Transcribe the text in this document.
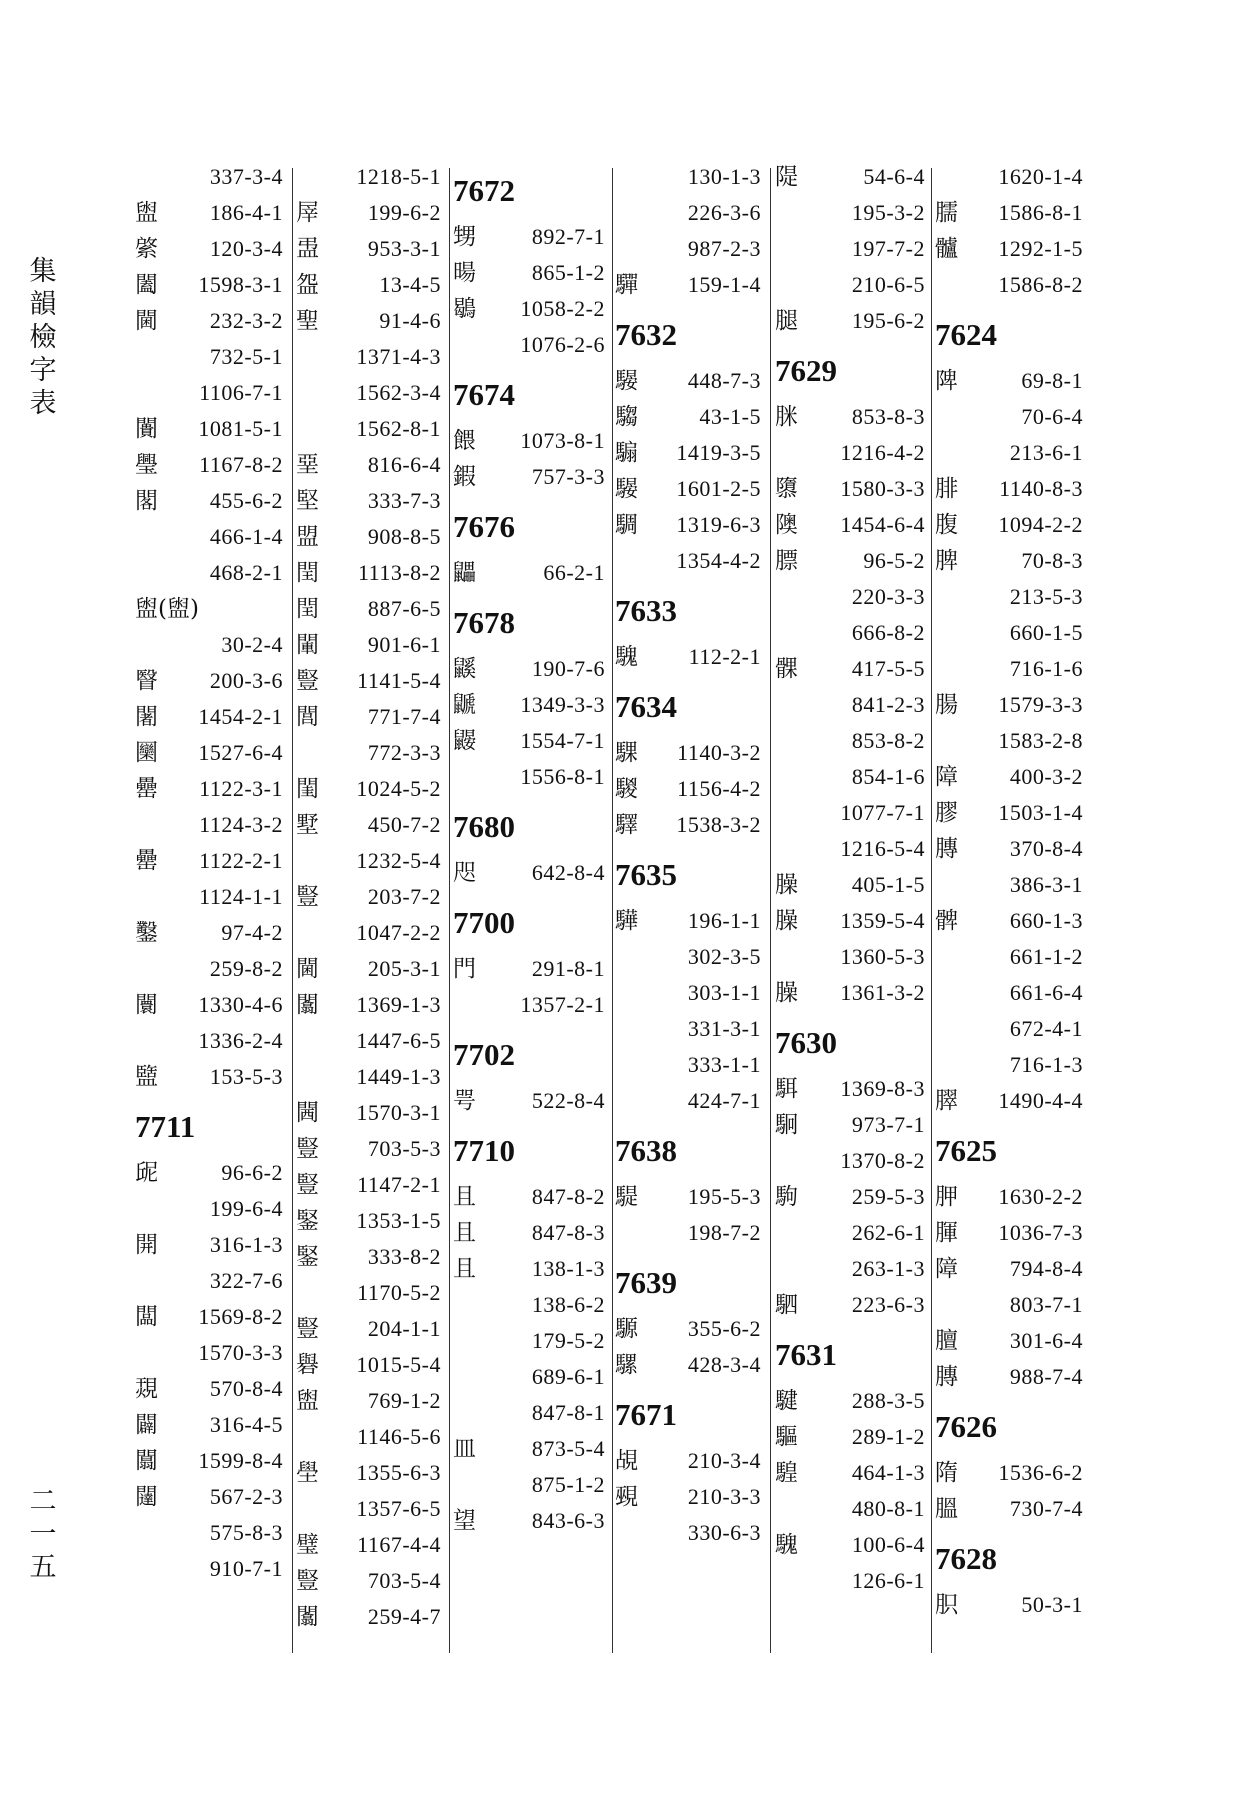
集
韻
檢
字
表
二
一
五
337-3-4
盥 186-4-1
綮 120-3-4
闔 1598-3-1
閫 232-3-2
732-5-1
1106-7-1
闠 1081-5-1
璺 1167-8-2
閣 455-6-2
466-1-4
468-2-1
盥(盥)
30-2-4
瞖 200-3-6
闍 1454-2-1
圞 1527-6-4
罍 1122-3-1
1124-3-2
罍 1122-2-1
1124-1-1
鑿	97-4-2
259-8-2
闤 1330-4-6
1336-2-4
盬 153-5-3
7711
屔	96-6-2
199-6-4
開 316-1-3
322-7-6
闆 1569-8-2
1570-3-3
覝 570-8-4
闢 316-4-5
闒 1599-8-4
闥 567-2-3
575-8-3
910-7-1
1218-5-1
屖 199-6-2
盄 953-3-1
盌	13-4-5
聖	91-4-6
1371-4-3
1562-3-4
1562-8-1
堊 816-6-4
堅 333-7-3
盟 908-8-5
閏 1113-8-2
閏 887-6-5
閳 901-6-1
豎 1141-5-4
閭 771-7-4
772-3-3
閨 1024-5-2
墅 450-7-2
1232-5-4
豎 203-7-2
1047-2-2
閫 205-3-1
闟 1369-1-3
1447-6-5
1449-1-3
閪 1570-3-1
豎 703-5-3
豎 1147-2-1
鋻 1353-1-5
鋻 333-8-2
1170-5-2
豎 204-1-1
礜 1015-5-4
盥 769-1-2
1146-5-6
壆 1355-6-3
1357-6-5
璧 1167-4-4
豎 703-5-4
闟 259-4-7
7672
甥	892-7-1
暘	865-1-2
鶡 1058-2-2
1076-2-6
7674
餵 1073-8-1
鍜	757-3-3
7676
鼺	66-2-1
7678
鼷	190-7-6
鼶 1349-3-3
鼹 1554-7-1
1556-8-1
7680
咫	642-8-4
7700
門	291-8-1
1357-2-1
7702
咢	522-8-4
7710
且	847-8-2
且	847-8-3
且	138-1-3
138-6-2
179-5-2
689-6-1
847-8-1
皿	873-5-4
875-1-2
望	843-6-3
130-1-3
226-3-6
987-2-3
驒 159-1-4
7632
騴 448-7-3
騶	43-1-5
騸 1419-3-5
騴 1601-2-5
騆 1319-6-3
1354-4-2
7633
騩 112-2-1
7634
騍 1140-3-2
騣 1156-4-2
驛 1538-3-2
7635
驊 196-1-1
302-3-5
303-1-1
331-3-1
333-1-1
424-7-1
7638
騠 195-5-3
198-7-2
7639
騵 355-6-2
騾 428-3-4
7671
覘 210-3-4
覡 210-3-3
330-6-3
隄	54-6-4
195-3-2
197-7-2
210-6-5
腿 195-6-2
7629
脒 853-8-3
1216-4-2
隳 1580-3-3
隩 1454-6-4
膘	96-5-2
220-3-3
666-8-2
髁 417-5-5
841-2-3
853-8-2
854-1-6
1077-7-1
1216-5-4
臊 405-1-5
臊 1359-5-4
1360-5-3
臊 1361-3-2
7630
駬 1369-8-3
駉 973-7-1
1370-8-2
駒 259-5-3
262-6-1
263-1-3
駟 223-6-3
7631
騝 288-3-5
驅 289-1-2
騜 464-1-3
480-8-1
騩 100-6-4
126-6-1
1620-1-4
臑 1586-8-1
髗 1292-1-5
1586-8-2
7624
陴	69-8-1
70-6-4
213-6-1
腓 1140-8-3
腹 1094-2-2
脾	70-8-3
213-5-3
660-1-5
716-1-6
腸 1579-3-3
1583-2-8
障 400-3-2
膠 1503-1-4
膞 370-8-4
386-3-1
髀 660-1-3
661-1-2
661-6-4
672-4-1
716-1-3
臎 1490-4-4
7625
胛 1630-2-2
腪 1036-7-3
障 794-8-4
803-7-1
膻 301-6-4
膞 988-7-4
7626
隋 1536-6-2
膃 730-7-4
7628
胑	50-3-1
